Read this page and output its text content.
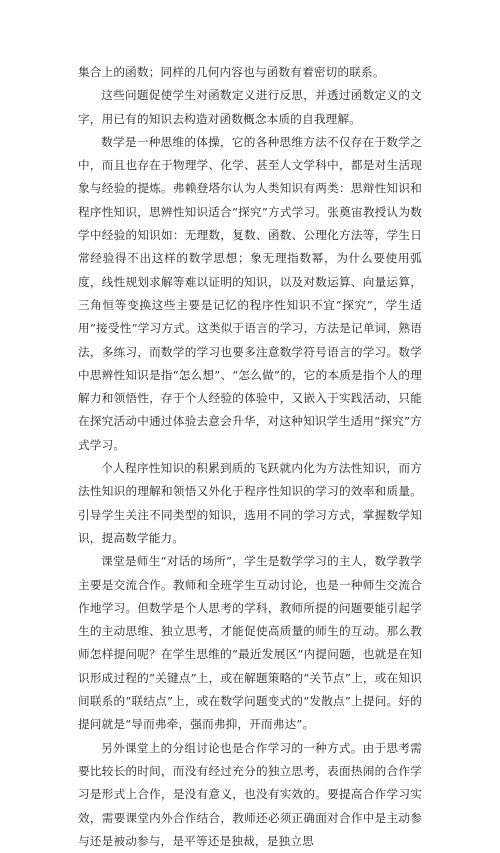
集合上的函数；同样的几何内容也与函数有着密切的联系。

这些问题促使学生对函数定义进行反思，并透过函数定义的文字，用已有的知识去构造对函数概念本质的自我理解。

数学是一种思维的体操，它的各种思维方法不仅存在于数学之中，而且也存在于物理学、化学、甚至人文学科中，都是对生活现象与经验的提炼。弗赖登塔尔认为人类知识有两类：思辩性知识和程序性知识，思辨性知识适合“探究”方式学习。张奠宙教授认为数学中经验的知识如：无理数，复数、函数、公理化方法等，学生日常经验得不出这样的数学思想；象无理指数幂，为什么要使用弧度，线性规划求解等难以证明的知识，以及对数运算、向量运算，三角恒等变换这些主要是记忆的程序性知识不宜“探究”，学生适用“接受性”学习方式。这类似于语言的学习，方法是记单词，熟语法，多练习，而数学的学习也要多注意数学符号语言的学习。数学中思辨性知识是指“怎么想”、“怎么做”的，它的本质是指个人的理解力和领悟性，存于个人经验的体验中，又嵌入于实践活动，只能在探究活动中通过体验去意会升华，对这种知识学生适用“探究”方式学习。

个人程序性知识的积累到质的飞跃就内化为方法性知识，而方法性知识的理解和领悟又外化于程序性知识的学习的效率和质量。引导学生关注不同类型的知识，选用不同的学习方式，掌握数学知识，提高数学能力。

课堂是师生“对话的场所”，学生是数学学习的主人，数学教学主要是交流合作。教师和全班学生互动讨论，也是一种师生交流合作地学习。但数学是个人思考的学科，教师所提的问题要能引起学生的主动思维、独立思考，才能促使高质量的师生的互动。那么教师怎样提问呢？在学生思维的“最近发展区”内提问题，也就是在知识形成过程的“关键点”上，或在解题策略的“关节点”上，或在知识间联系的“联结点”上，或在数学问题变式的“发散点”上提问。好的提问就是“导而弗牵，强而弗抑，开而弗达”。

另外课堂上的分组讨论也是合作学习的一种方式。由于思考需要比较长的时间，而没有经过充分的独立思考，表面热闹的合作学习是形式上合作，是没有意义，也没有实效的。要提高合作学习实效，需要课堂内外合作结合，教师还必须正确面对合作中是主动参与还是被动参与，是平等还是独裁，是独立思
